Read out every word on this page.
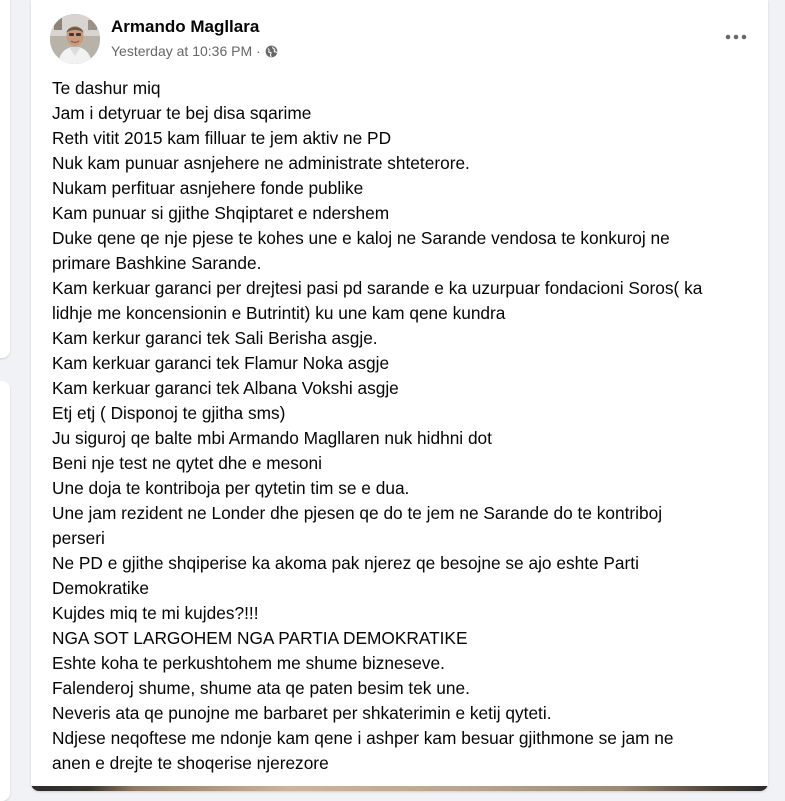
Armando Magllara
Yesterday at 10:36 PM ·
Te dashur miq
Jam i detyruar te bej disa sqarime
Reth vitit 2015 kam filluar te jem aktiv ne PD
Nuk kam punuar asnjehere ne administrate shteterore.
Nukam perfituar asnjehere fonde publike
Kam punuar si gjithe Shqiptaret e ndershem
Duke qene qe nje pjese te kohes une e kaloj ne Sarande vendosa te konkuroj ne
primare Bashkine Sarande.
Kam kerkuar garanci per drejtesi pasi pd sarande e ka uzurpuar fondacioni Soros( ka
lidhje me koncensionin e Butrintit) ku une kam qene kundra
Kam kerkur garanci tek Sali Berisha asgje.
Kam kerkuar garanci tek Flamur Noka asgje
Kam kerkuar garanci tek Albana Vokshi asgje
Etj etj ( Disponoj te gjitha sms)
Ju siguroj qe balte mbi Armando Magllaren nuk hidhni dot
Beni nje test ne qytet dhe e mesoni
Une doja te kontriboja per qytetin tim se e dua.
Une jam rezident ne Londer dhe pjesen qe do te jem ne Sarande do te kontriboj
perseri
Ne PD e gjithe shqiperise ka akoma pak njerez qe besojne se ajo eshte Parti
Demokratike
Kujdes miq te mi kujdes?!!!
NGA SOT LARGOHEM NGA PARTIA DEMOKRATIKE
Eshte koha te perkushtohem me shume bizneseve.
Falenderoj shume, shume ata qe paten besim tek une.
Neveris ata qe punojne me barbaret per shkaterimin e ketij qyteti.
Ndjese neqoftese me ndonje kam qene i ashper kam besuar gjithmone se jam ne
anen e drejte te shoqerise njerezore
